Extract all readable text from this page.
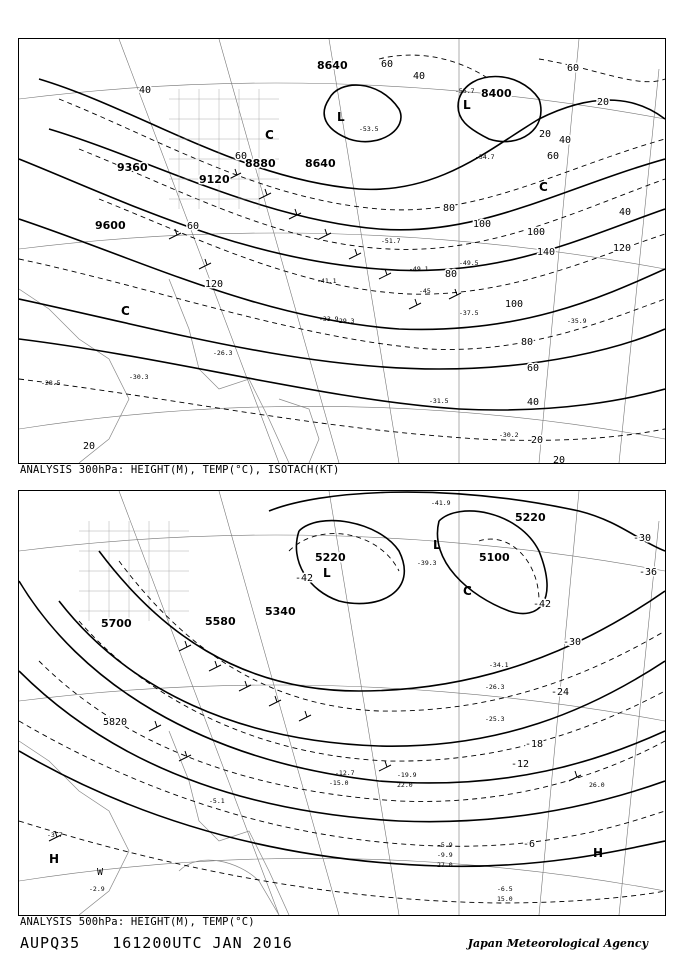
8640
8400
9360
9120
8880	8640
9600
60
40
60
20
40
60
40
20
80
100
120
140
100
120
80
100
80
60
40
20
20
60
40
60
20
-55.7
-54.7
-53.5
-51.7
-49.5
-49.1
-45
-41.1
-37.5
-35.9
-33.9
-31.5
-30.2
-29.3
-26.3
-28.5
-30.3
L
L
C
C
C
ANALYSIS 300hPa: HEIGHT(M), TEMP(°C), ISOTACH(KT)
5220
5100
5220
5580
5340
5700
5820
-42
-42
-36
-30
-30
-24
-18
-12
-6
-41.9
-39.3
-34.1
-26.3
-25.3
-19.9
-15.0
-12.7
-9.9
-5.9
-5.1
-6.5
-2.9
-3.7
26.0
22.0
15.0
27.0
L
L
C
H	H
W
ANALYSIS 500hPa: HEIGHT(M), TEMP(°C)
AUPQ35 161200UTC JAN 2016	Japan Meteorological Agency
